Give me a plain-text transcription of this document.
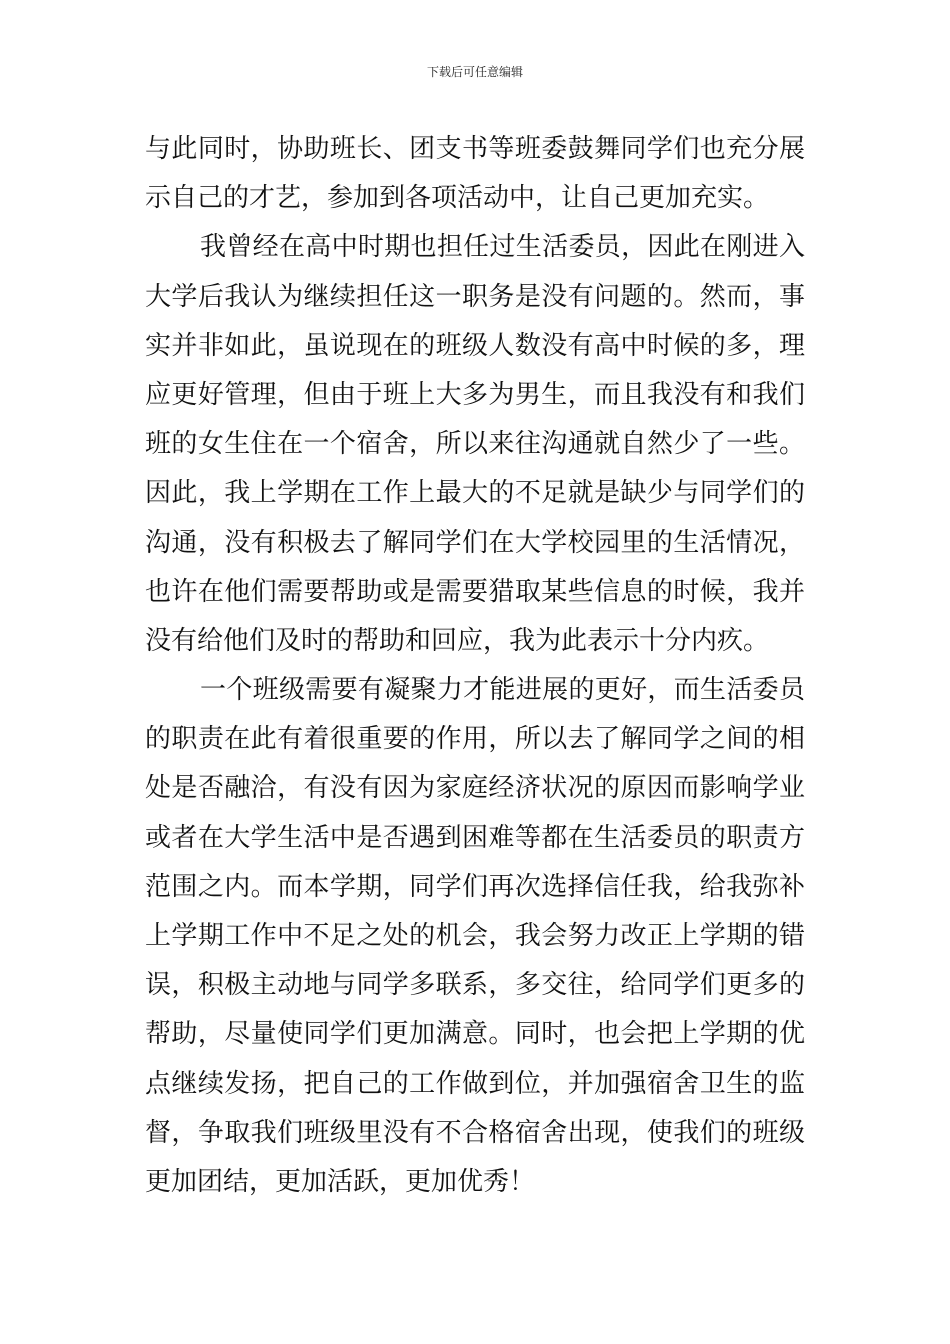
下载后可任意编辑
与此同时，协助班长、团支书等班委鼓舞同学们也充分展
示自己的才艺，参加到各项活动中，让自己更加充实。
我曾经在高中时期也担任过生活委员，因此在刚进入
大学后我认为继续担任这一职务是没有问题的。然而，事
实并非如此，虽说现在的班级人数没有高中时候的多，理
应更好管理，但由于班上大多为男生，而且我没有和我们
班的女生住在一个宿舍，所以来往沟通就自然少了一些。
因此，我上学期在工作上最大的不足就是缺少与同学们的
沟通，没有积极去了解同学们在大学校园里的生活情况，
也许在他们需要帮助或是需要猎取某些信息的时候，我并
没有给他们及时的帮助和回应，我为此表示十分内疚。
一个班级需要有凝聚力才能进展的更好，而生活委员
的职责在此有着很重要的作用，所以去了解同学之间的相
处是否融洽，有没有因为家庭经济状况的原因而影响学业
或者在大学生活中是否遇到困难等都在生活委员的职责方
范围之内。而本学期，同学们再次选择信任我，给我弥补
上学期工作中不足之处的机会，我会努力改正上学期的错
误，积极主动地与同学多联系，多交往，给同学们更多的
帮助，尽量使同学们更加满意。同时，也会把上学期的优
点继续发扬，把自己的工作做到位，并加强宿舍卫生的监
督，争取我们班级里没有不合格宿舍出现，使我们的班级
更加团结，更加活跃，更加优秀！
